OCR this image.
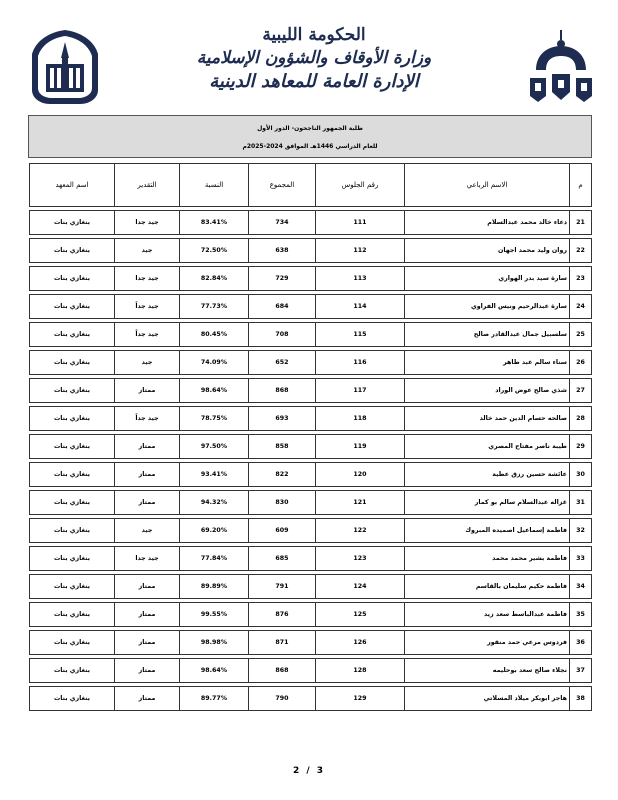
الحكومة الليبية
وزارة الأوقاف والشؤون الإسلامية
الإدارة العامة للمعاهد الدينية
طلبة الجمهور الناجحون- الدور الأول
للعام الدراسي 1446هـ الموافق 2024-2025م
م	الاسم الرباعي	رقم الجلوس	المجموع	النسبة	التقدير	اسم المعهد

21	دعاء خالد محمد عبدالسلام	111	734	83.41%	جيد جدا	بنغازي بنات

22	روان وليد محمد اجهان	112	638	72.50%	جيد	بنغازي بنات

23	سارة سيد بدر الهواري	113	729	82.84%	جيد جدا	بنغازي بنات

24	سارة عبدالرحيم ونيس الفراوي	114	684	77.73%	جيد جداً	بنغازي بنات

25	سلسبيل جمال عبدالقادر صالح	115	708	80.45%	جيد جداً	بنغازي بنات

26	سناء سالم عبد طاهر	116	652	74.09%	جيد	بنغازي بنات

27	شذي صالح عوض الوراد	117	868	98.64%	ممتاز	بنغازي بنات

28	صالحه حسام الدين حمد خالد	118	693	78.75%	جيد جداً	بنغازي بنات

29	طيبة ناصر مفتاح المصري	119	858	97.50%	ممتاز	بنغازي بنات

30	عائشة حسين رزق عطية	120	822	93.41%	ممتاز	بنغازي بنات

31	غزاله عبدالسلام سالم بو كمار	121	830	94.32%	ممتاز	بنغازي بنات

32	فاطمة إسماعيل اصميده المبروك	122	609	69.20%	جيد	بنغازي بنات

33	فاطمة بشير محمد محمد	123	685	77.84%	جيد جدا	بنغازي بنات

34	فاطمة حكيم سليمان بالقاسم	124	791	89.89%	ممتاز	بنغازي بنات

35	فاطمة عبدالباسط سعد زيد	125	876	99.55%	ممتاز	بنغازي بنات

36	فردوس مرعي حمد منقور	126	871	98.98%	ممتاز	بنغازي بنات

37	نجلاء صالح سعد بوحليمه	128	868	98.64%	ممتاز	بنغازي بنات

38	هاجر ابوبكر ميلاد المسلاتي	129	790	89.77%	ممتاز	بنغازي بنات
2 / 3
